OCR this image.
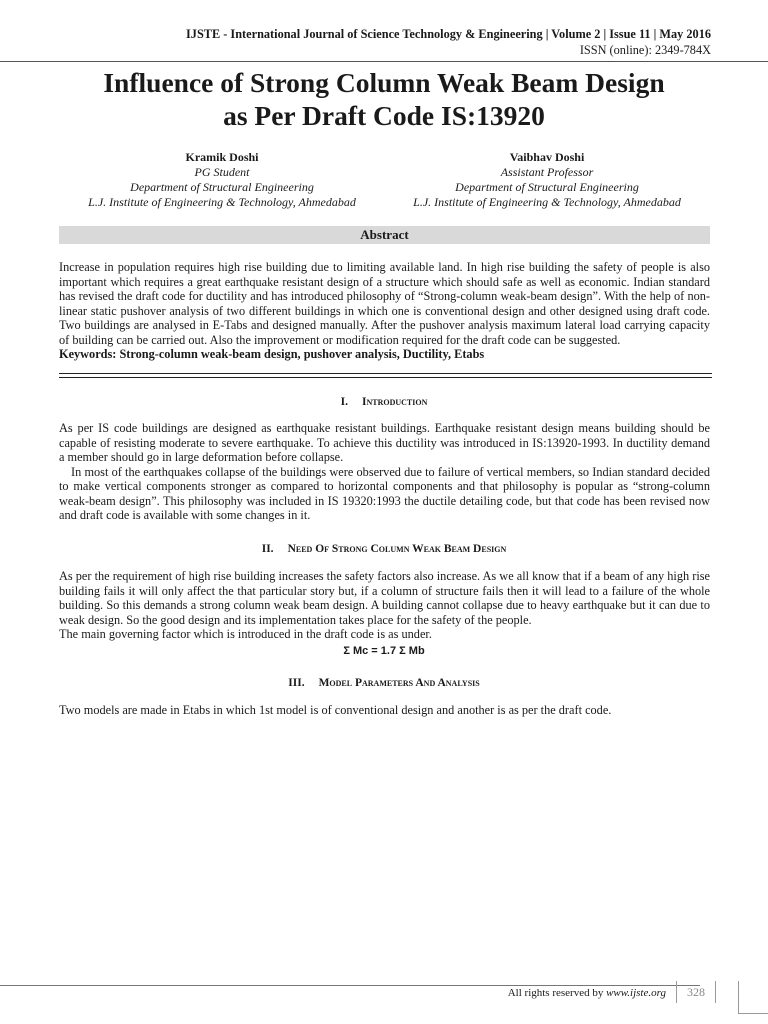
IJSTE - International Journal of Science Technology & Engineering | Volume 2 | Issue 11 | May 2016
ISSN (online): 2349-784X
Influence of Strong Column Weak Beam Design
as Per Draft Code IS:13920
Kramik Doshi
PG Student
Department of Structural Engineering
L.J. Institute of Engineering & Technology, Ahmedabad
Vaibhav Doshi
Assistant Professor
Department of Structural Engineering
L.J. Institute of Engineering & Technology, Ahmedabad
Abstract

Increase in population requires high rise building due to limiting available land. In high rise building the safety of people is also important which requires a great earthquake resistant design of a structure which should safe as well as economic. Indian standard has revised the draft code for ductility and has introduced philosophy of “Strong-column weak-beam design”. With the help of non-linear static pushover analysis of two different buildings in which one is conventional design and other designed using draft code. Two buildings are analysed in E-Tabs and designed manually. After the pushover analysis maximum lateral load carrying capacity of building can be carried out. Also the improvement or modification required for the draft code can be suggested.

Keywords: Strong-column weak-beam design, pushover analysis, Ductility, Etabs

I. Introduction

As per IS code buildings are designed as earthquake resistant buildings. Earthquake resistant design means building should be capable of resisting moderate to severe earthquake. To achieve this ductility was introduced in IS:13920-1993. In ductility demand a member should go in large deformation before collapse.

In most of the earthquakes collapse of the buildings were observed due to failure of vertical members, so Indian standard decided to make vertical components stronger as compared to horizontal components and that philosophy is popular as “strong-column weak-beam design”. This philosophy was included in IS 19320:1993 the ductile detailing code, but that code has been revised now and draft code is available with some changes in it.

II. Need Of Strong Column Weak Beam Design

As per the requirement of high rise building increases the safety factors also increase. As we all know that if a beam of any high rise building fails it will only affect the that particular story but, if a column of structure fails then it will lead to a failure of the whole building. So this demands a strong column weak beam design. A building cannot collapse due to heavy earthquake but it can due to weak design. So the good design and its implementation takes place for the safety of the people.

The main governing factor which is introduced in the draft code is as under.

Σ Mc = 1.7 Σ Mb
III. Model Parameters And Analysis

Two models are made in Etabs in which 1st model is of conventional design and another is as per the draft code.

All rights reserved by www.ijste.org	328
